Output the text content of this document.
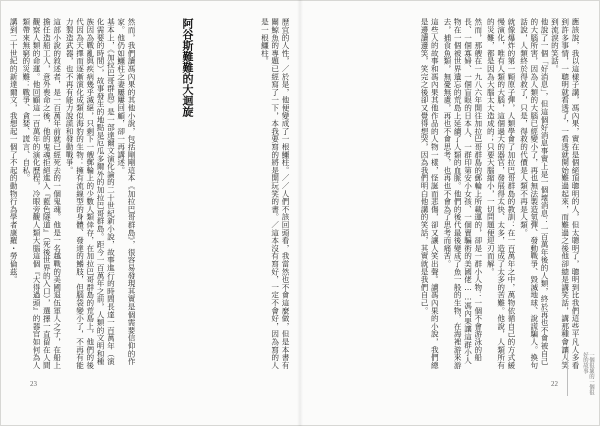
然而，我們讀馮內果的其他小說，包括剛剛這本《加拉巴哥群島》，很容易發現其實是個需要信仰的作家。他仍如鱷柱之妻屢屢回顧，卻一再講述。

基本上，《加拉巴哥群島》是一部達爾文演化論的二十世紀新小說，故事進行的時間長達一百萬年（演化需要的時間），故事發生的地點是厄瓜多爾外的加拉巴哥群島。距今一百萬年之前，人類的文明和種族因為戰亂與疾病幾乎滅絕，只剩下一艘郵輪上的少數人類倖存，在加拉巴哥群島的荒島上，他們的後代因為天擇而逐漸演化成類似海豹的生物：擁有流線型的身體、發達的鰭肢，但腦袋變小了，不再有能力製造武器，也不再有能力說謊和發動戰爭。

這部小說的敘述者，是一百萬年前就已經死去的一個鬼魂。他是一名越戰的美國退伍軍人之子，在船上擔任造船工人，意外喪命之後，他的鬼魂拒絕進入『藍色隧道』（死後世界的入口），選擇一直留在人間觀察人類的命運。他回顧這一百萬年的演化歷程，冷眼旁觀人類大腦這個『大得過頭』的器官如何為人類帶來無窮的災難：戰爭、貪婪、謊言、自私。

講到二十世紀的新達爾文，我想起一個了不起的動物行為學者康羅・勞倫茲。	阿谷斯難難的大迴旋	歷宜的人性，／於是，他便變成了一根鱷柱。／／人們不該回頭看，我當然也不會這麼做，但是本書有關鯨魚的專題已經寫了一下，本我要寫的將是開玩笑的書。／這本沒有寫好，一定不會好，因為寫的人是一根鱷柱。

23

應該說，我以這樣子講，馮內果，實在是個絕頂聰明的人，但太聰明了，聰明到比我們這些平凡人多看到許多事情，一聰明就看透了，一看透就開始難過起來，而難過之後他卻總是講笑話，講那種會讓人笑到流淚的笑話。

他說了一個「好消息」，但這個好消息事實上是一個壞消息：一百萬年後的人類，終於再也不會被自己的大腦所害，因為人類的大腦已經變小了，再也無法製造氫彈、發動戰爭、毀滅地球、說謊騙人。換句話說，人類終於得救了，只是，得救的代價是人類不再是人類。

就像爆炸的第一顆原子彈，人類學會了加拉巴哥群島的教訓：在一百萬年之中，萬物依循自己的方式緩慢演化，唯有人類的大腦，這個過大的器官，發展得太快、太多，造成了太多的苦難。他說，人類所有的災難，都是因為大腦太大造成的；只要大腦縮小，一切問題便迎刃而解。

然而，那艘在一九八六年開往加拉巴哥群島的郵輪上所載運的，卻是一群小人物：一個不會游泳的船長、一個寡婦、一個盲眼的日本人、一群印第安小女孩、一個賣騙術的美國佬……馮內果讓這群小人物在一個被世界遺忘的荒島上延續了人類的血脈。他們的後代最後變成了魚一般的生物，在海裡游來游去，捕食魚類，無憂無慮，再也不會思考，也再也不會為了思考而痛苦。

這些人的故事和馮內果其他作品的人物一樣，怪誕而悲傷，卻又讓人笑出聲。讀馮內果的小說，我們總是邊讀邊笑，笑完之後卻又覺得想哭，因為我們明白他講的笑話，其實就是我們自己。

22	一個很壞的一個很好的故事
